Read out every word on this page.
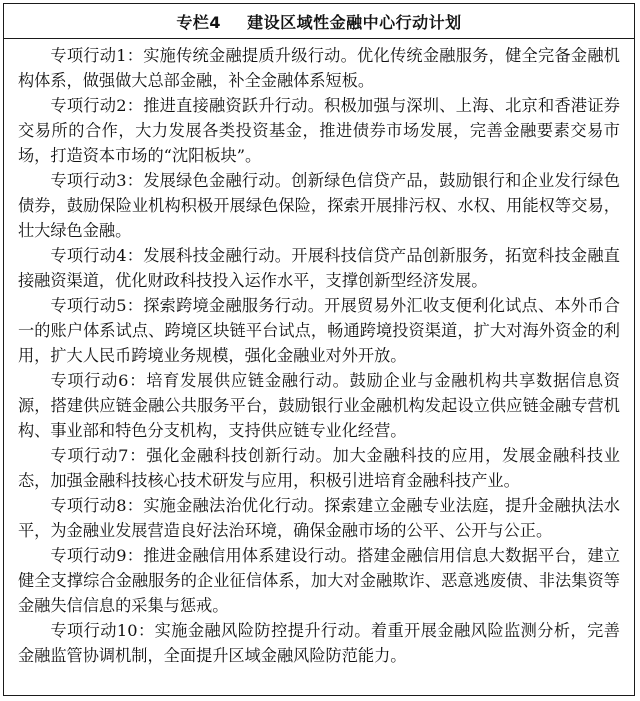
专栏4 建设区域性金融中心行动计划

专项行动1：实施传统金融提质升级行动。优化传统金融服务，健全完备金融机构体系，做强做大总部金融，补全金融体系短板。

专项行动2：推进直接融资跃升行动。积极加强与深圳、上海、北京和香港证券交易所的合作，大力发展各类投资基金，推进债券市场发展，完善金融要素交易市场，打造资本市场的“沈阳板块”。

专项行动3：发展绿色金融行动。创新绿色信贷产品，鼓励银行和企业发行绿色债券，鼓励保险业机构积极开展绿色保险，探索开展排污权、水权、用能权等交易，壮大绿色金融。

专项行动4：发展科技金融行动。开展科技信贷产品创新服务，拓宽科技金融直接融资渠道，优化财政科技投入运作水平，支撑创新型经济发展。

专项行动5：探索跨境金融服务行动。开展贸易外汇收支便利化试点、本外币合一的账户体系试点、跨境区块链平台试点，畅通跨境投资渠道，扩大对海外资金的利用，扩大人民币跨境业务规模，强化金融业对外开放。

专项行动6：培育发展供应链金融行动。鼓励企业与金融机构共享数据信息资源，搭建供应链金融公共服务平台，鼓励银行业金融机构发起设立供应链金融专营机构、事业部和特色分支机构，支持供应链专业化经营。

专项行动7：强化金融科技创新行动。加大金融科技的应用，发展金融科技业态，加强金融科技核心技术研发与应用，积极引进培育金融科技产业。

专项行动8：实施金融法治优化行动。探索建立金融专业法庭，提升金融执法水平，为金融业发展营造良好法治环境，确保金融市场的公平、公开与公正。

专项行动9：推进金融信用体系建设行动。搭建金融信用信息大数据平台，建立健全支撑综合金融服务的企业征信体系，加大对金融欺诈、恶意逃废债、非法集资等金融失信信息的采集与惩戒。

专项行动10：实施金融风险防控提升行动。着重开展金融风险监测分析，完善金融监管协调机制，全面提升区域金融风险防范能力。
